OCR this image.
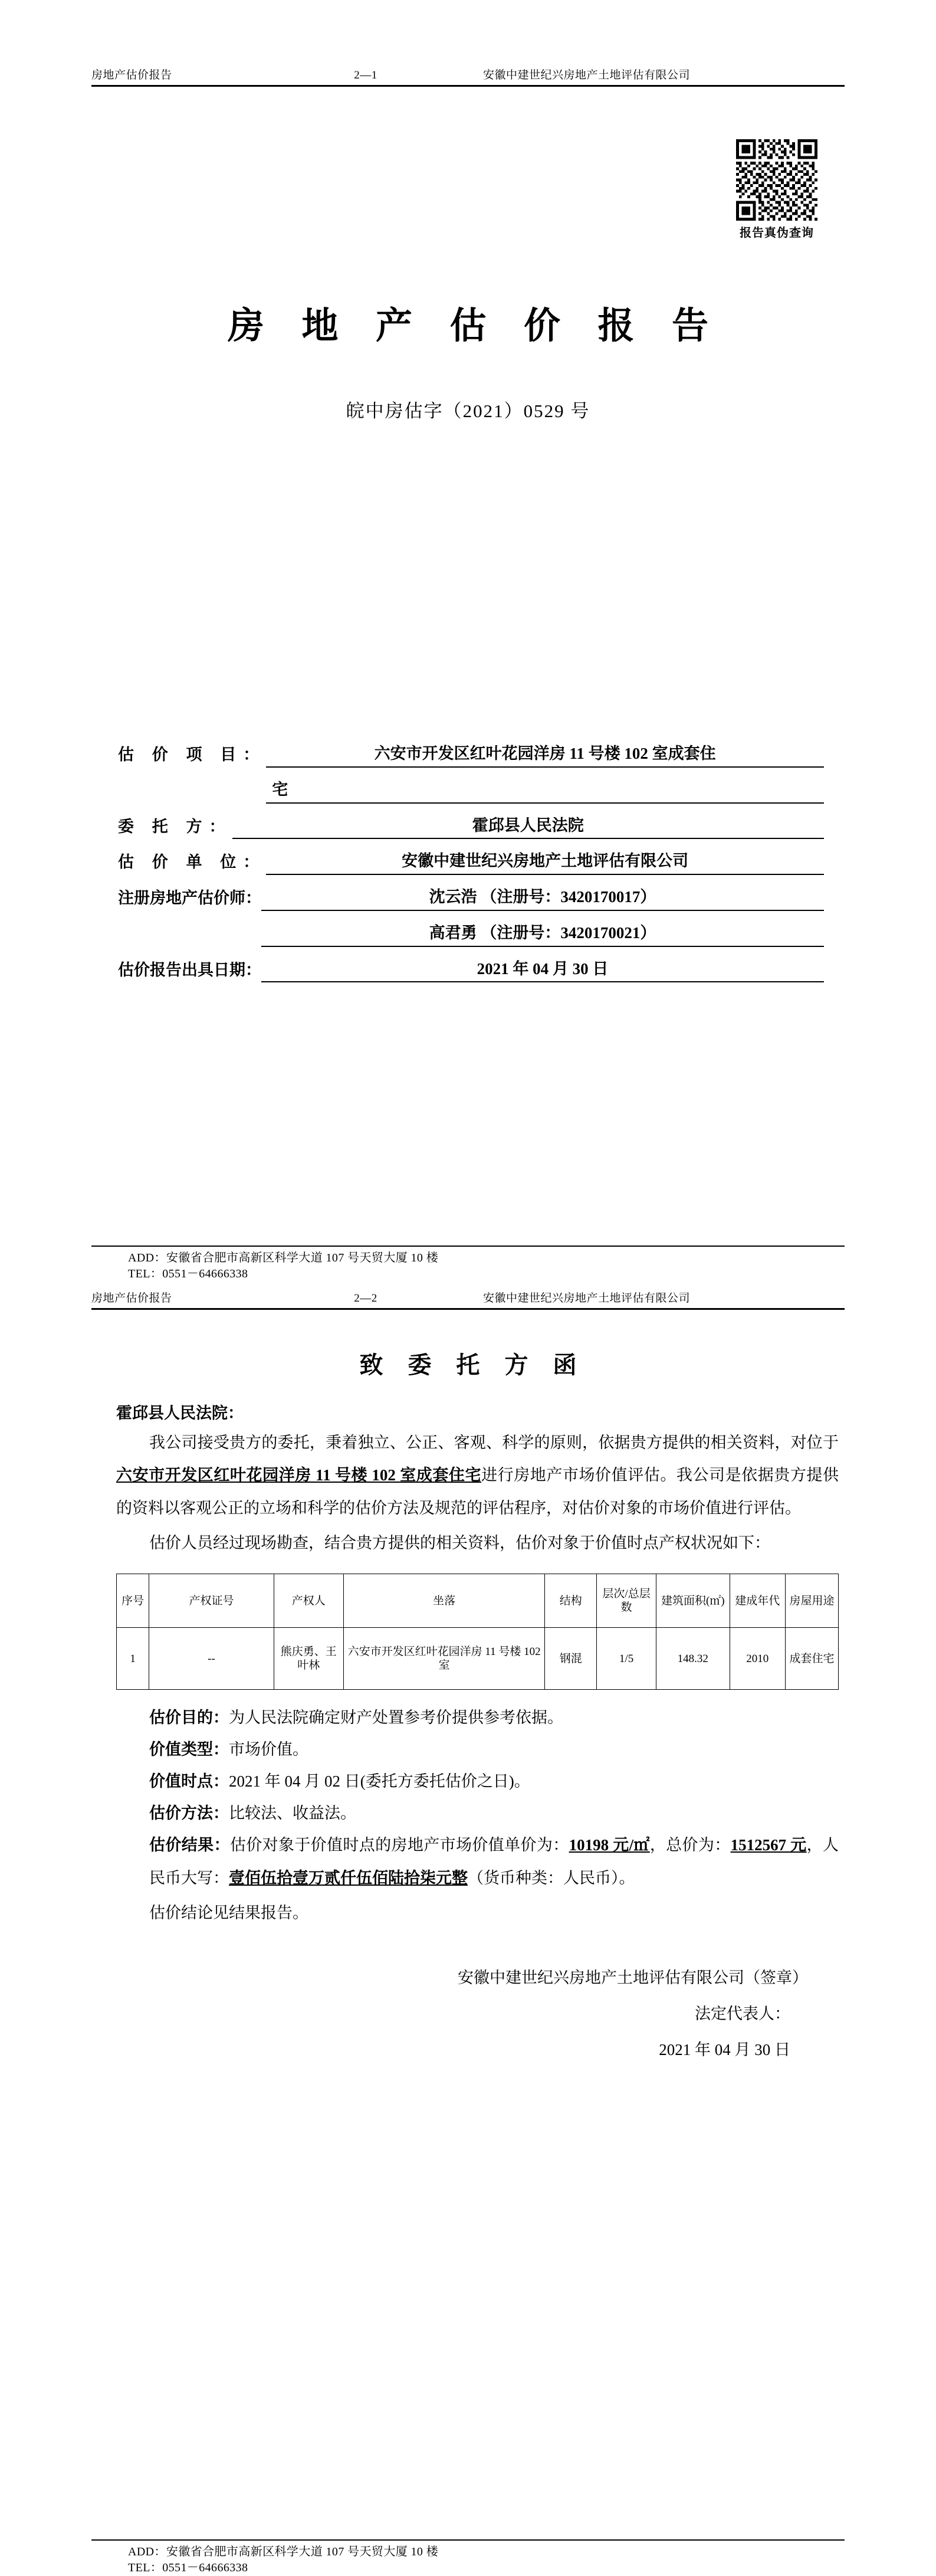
房地产估价报告	2—1	安徽中建世纪兴房地产土地评估有限公司
报告真伪查询
房 地 产 估 价 报 告
皖中房估字（2021）0529 号
估 价 项 目：	六安市开发区红叶花园洋房 11 号楼 102 室成套住
宅
委 托 方：	霍邱县人民法院
估 价 单 位：	安徽中建世纪兴房地产土地评估有限公司
注册房地产估价师：	沈云浩 （注册号：3420170017）
高君勇 （注册号：3420170021）
估价报告出具日期：	2021 年 04 月 30 日
ADD：安徽省合肥市高新区科学大道 107 号天贸大厦 10 楼
TEL：0551－64666338
房地产估价报告	2—2	安徽中建世纪兴房地产土地评估有限公司
致 委 托 方 函
霍邱县人民法院：

我公司接受贵方的委托，秉着独立、公正、客观、科学的原则，依据贵方提供的相关资料，对位于六安市开发区红叶花园洋房 11 号楼 102 室成套住宅进行房地产市场价值评估。我公司是依据贵方提供的资料以客观公正的立场和科学的估价方法及规范的评估程序，对估价对象的市场价值进行评估。

估价人员经过现场勘查，结合贵方提供的相关资料，估价对象于价值时点产权状况如下：

序号	产权证号	产权人	坐落	结构	层次/总层数	建筑面积(㎡)	建成年代	房屋用途
1	--	熊庆勇、王叶林	六安市开发区红叶花园洋房 11 号楼 102 室	钢混	1/5	148.32	2010	成套住宅

估价目的：为人民法院确定财产处置参考价提供参考依据。

价值类型：市场价值。

价值时点：2021 年 04 月 02 日(委托方委托估价之日)。

估价方法：比较法、收益法。

估价结果：估价对象于价值时点的房地产市场价值单价为：10198 元/㎡，总价为：1512567 元，人民币大写：壹佰伍拾壹万贰仟伍佰陆拾柒元整（货币种类：人民币）。

估价结论见结果报告。

安徽中建世纪兴房地产土地评估有限公司（签章）
法定代表人：
2021 年 04 月 30 日
ADD：安徽省合肥市高新区科学大道 107 号天贸大厦 10 楼
TEL：0551－64666338
